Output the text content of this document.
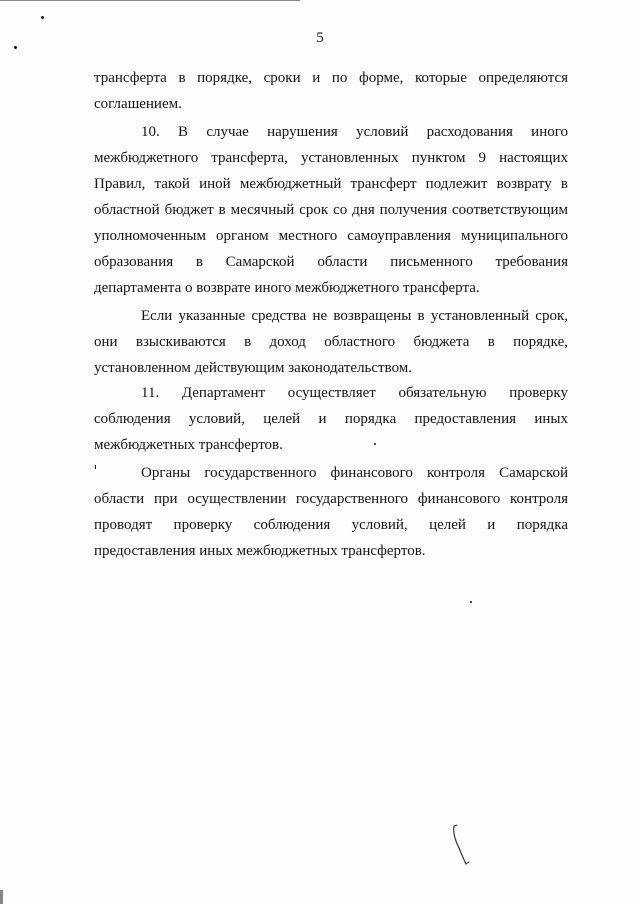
5
трансферта в порядке, сроки и по форме, которые определяются
соглашением.
10. В случае нарушения условий расходования иного
межбюджетного трансферта, установленных пунктом 9 настоящих
Правил, такой иной межбюджетный трансферт подлежит возврату в
областной бюджет в месячный срок со дня получения соответствующим
уполномоченным органом местного самоуправления муниципального
образования в Самарской области письменного требования
департамента о возврате иного межбюджетного трансферта.
Если указанные средства не возвращены в установленный срок,
они взыскиваются в доход областного бюджета в порядке,
установленном действующим законодательством.
11. Департамент осуществляет обязательную проверку
соблюдения условий, целей и порядка предоставления иных
межбюджетных трансфертов.
Органы государственного финансового контроля Самарской
области при осуществлении государственного финансового контроля
проводят проверку соблюдения условий, целей и порядка
предоставления иных межбюджетных трансфертов.
